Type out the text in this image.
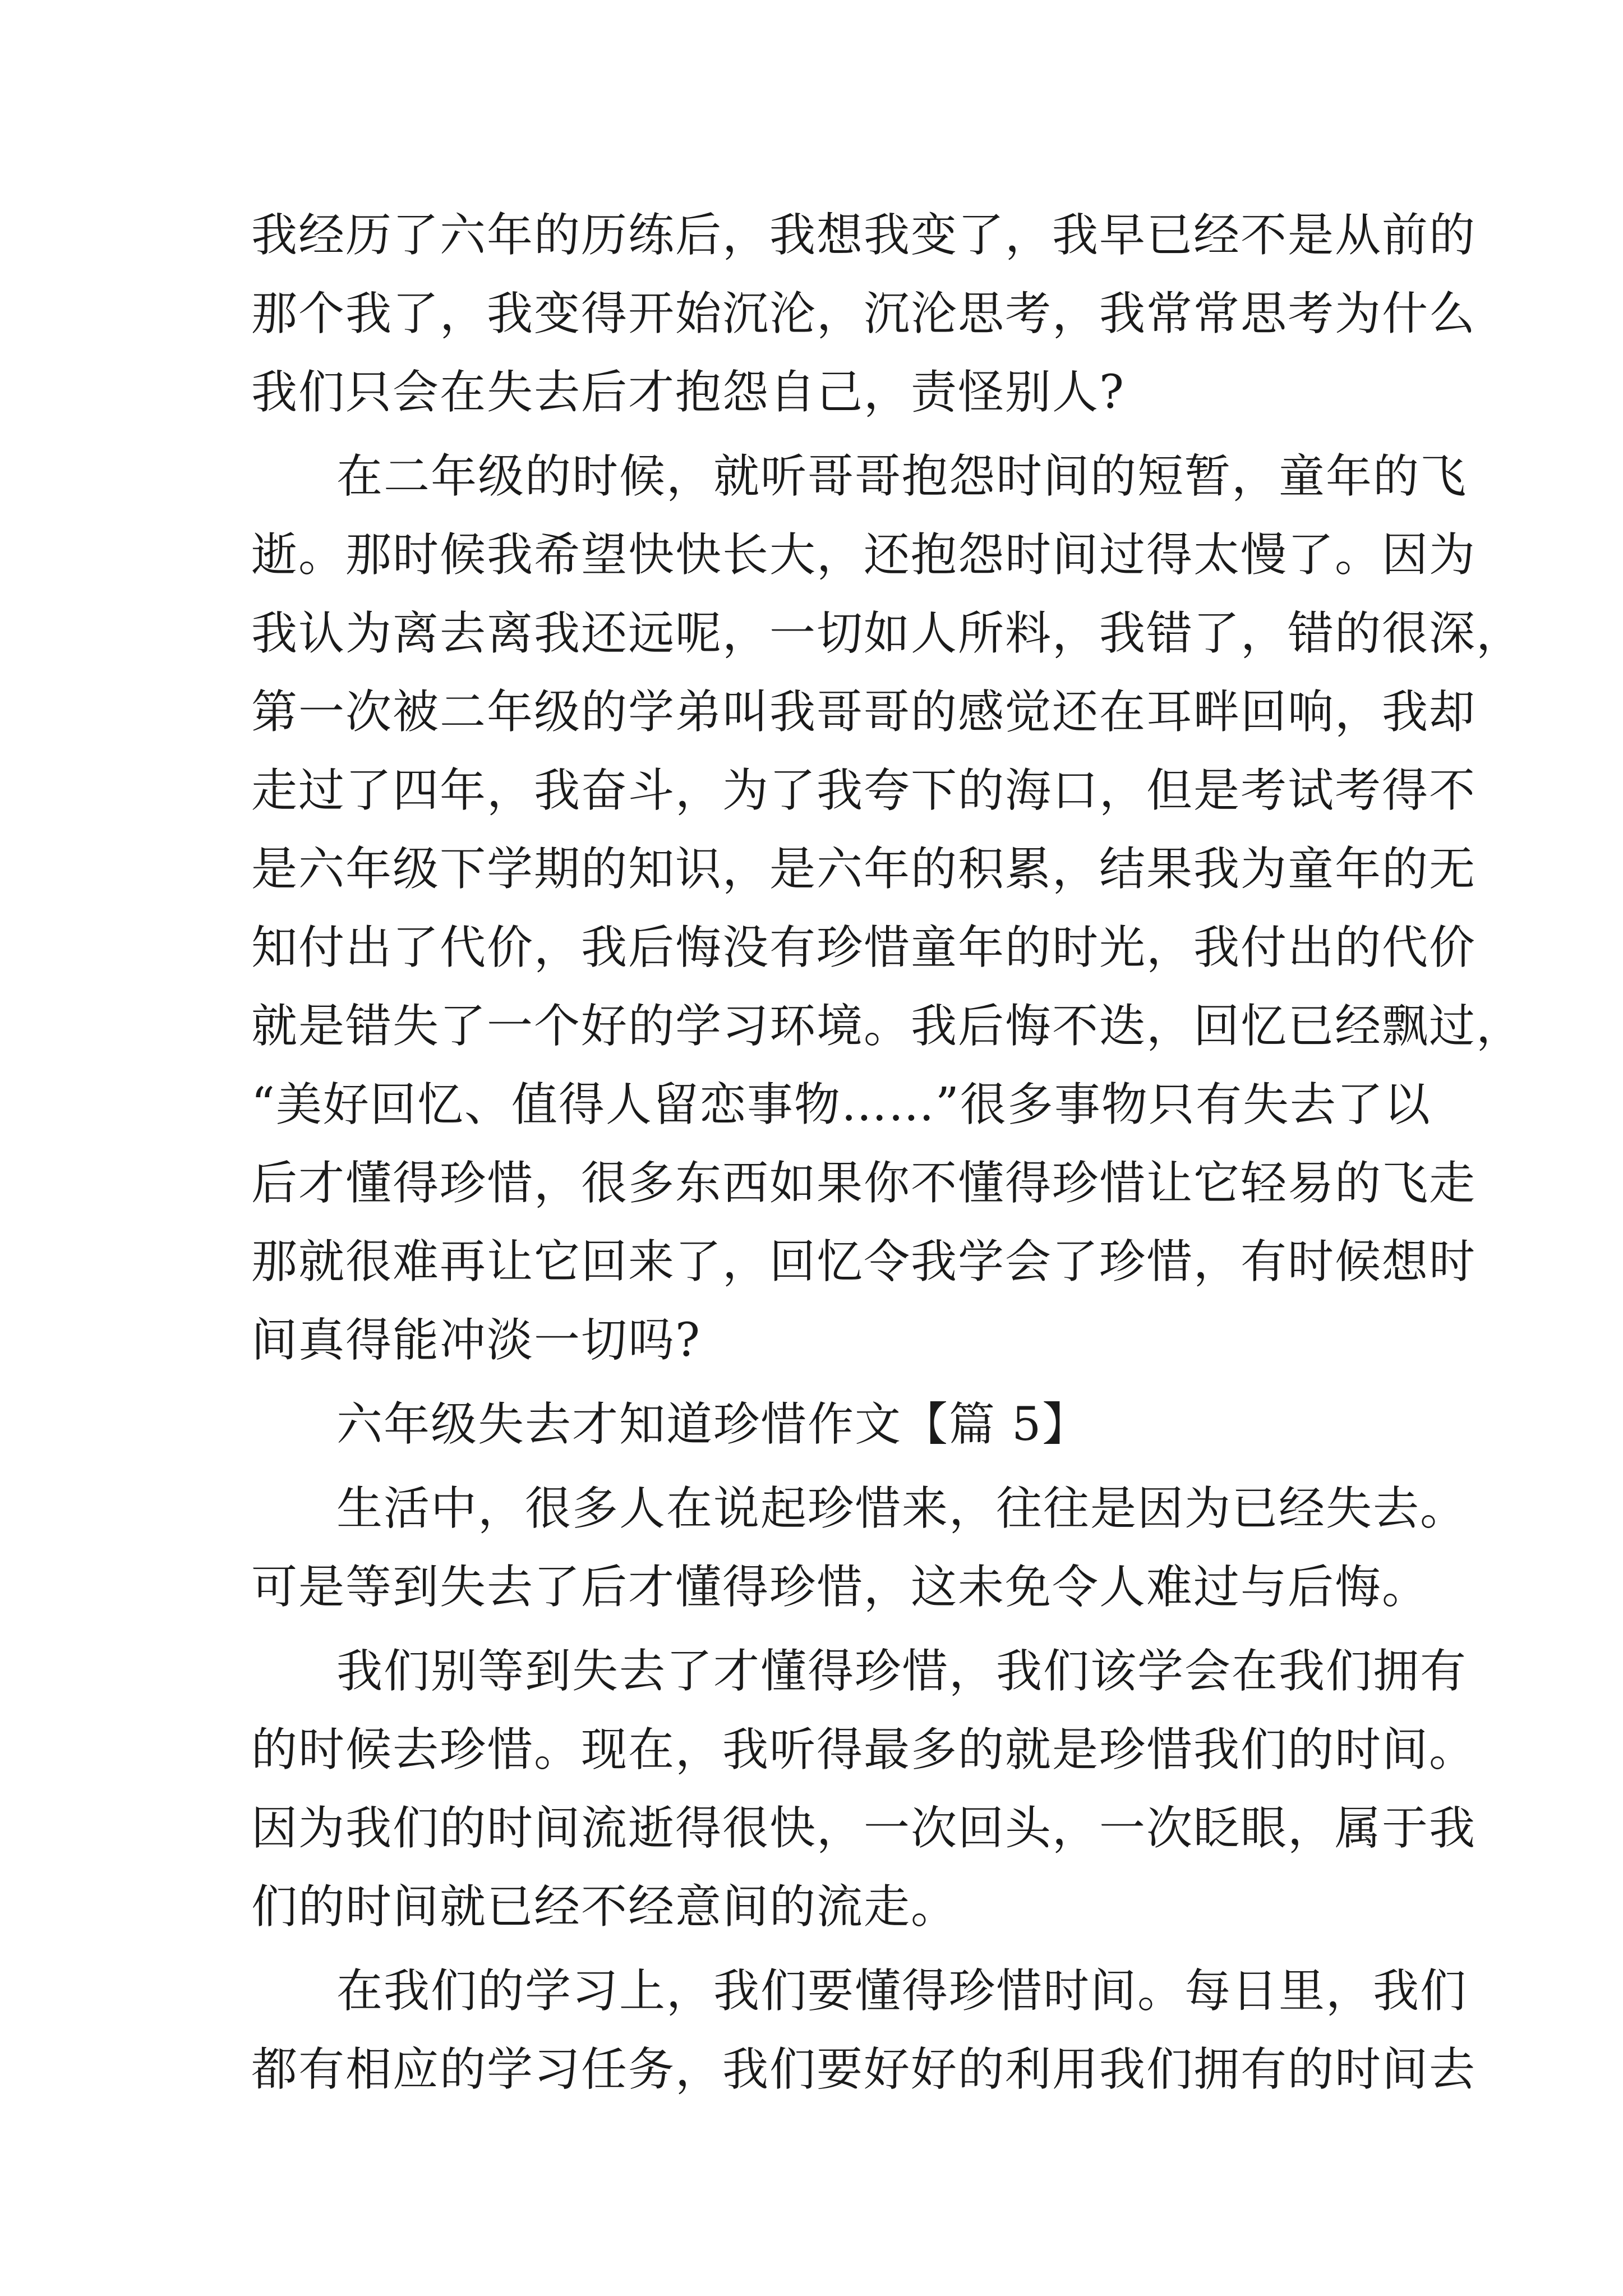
我经历了六年的历练后，我想我变了，我早已经不是从前的
那个我了，我变得开始沉沦，沉沦思考，我常常思考为什么
我们只会在失去后才抱怨自己，责怪别人?
在二年级的时候，就听哥哥抱怨时间的短暂，童年的飞
逝。那时候我希望快快长大，还抱怨时间过得太慢了。因为
我认为离去离我还远呢，一切如人所料，我错了，错的很深，
第一次被二年级的学弟叫我哥哥的感觉还在耳畔回响，我却
走过了四年，我奋斗，为了我夸下的海口，但是考试考得不
是六年级下学期的知识，是六年的积累，结果我为童年的无
知付出了代价，我后悔没有珍惜童年的时光，我付出的代价
就是错失了一个好的学习环境。我后悔不迭，回忆已经飘过，
“美好回忆、值得人留恋事物……”很多事物只有失去了以
后才懂得珍惜，很多东西如果你不懂得珍惜让它轻易的飞走
那就很难再让它回来了，回忆令我学会了珍惜，有时候想时
间真得能冲淡一切吗?
六年级失去才知道珍惜作文【篇 5】
生活中，很多人在说起珍惜来，往往是因为已经失去。
可是等到失去了后才懂得珍惜，这未免令人难过与后悔。
我们别等到失去了才懂得珍惜，我们该学会在我们拥有
的时候去珍惜。现在，我听得最多的就是珍惜我们的时间。
因为我们的时间流逝得很快，一次回头，一次眨眼，属于我
们的时间就已经不经意间的流走。
在我们的学习上，我们要懂得珍惜时间。每日里，我们
都有相应的学习任务，我们要好好的利用我们拥有的时间去
